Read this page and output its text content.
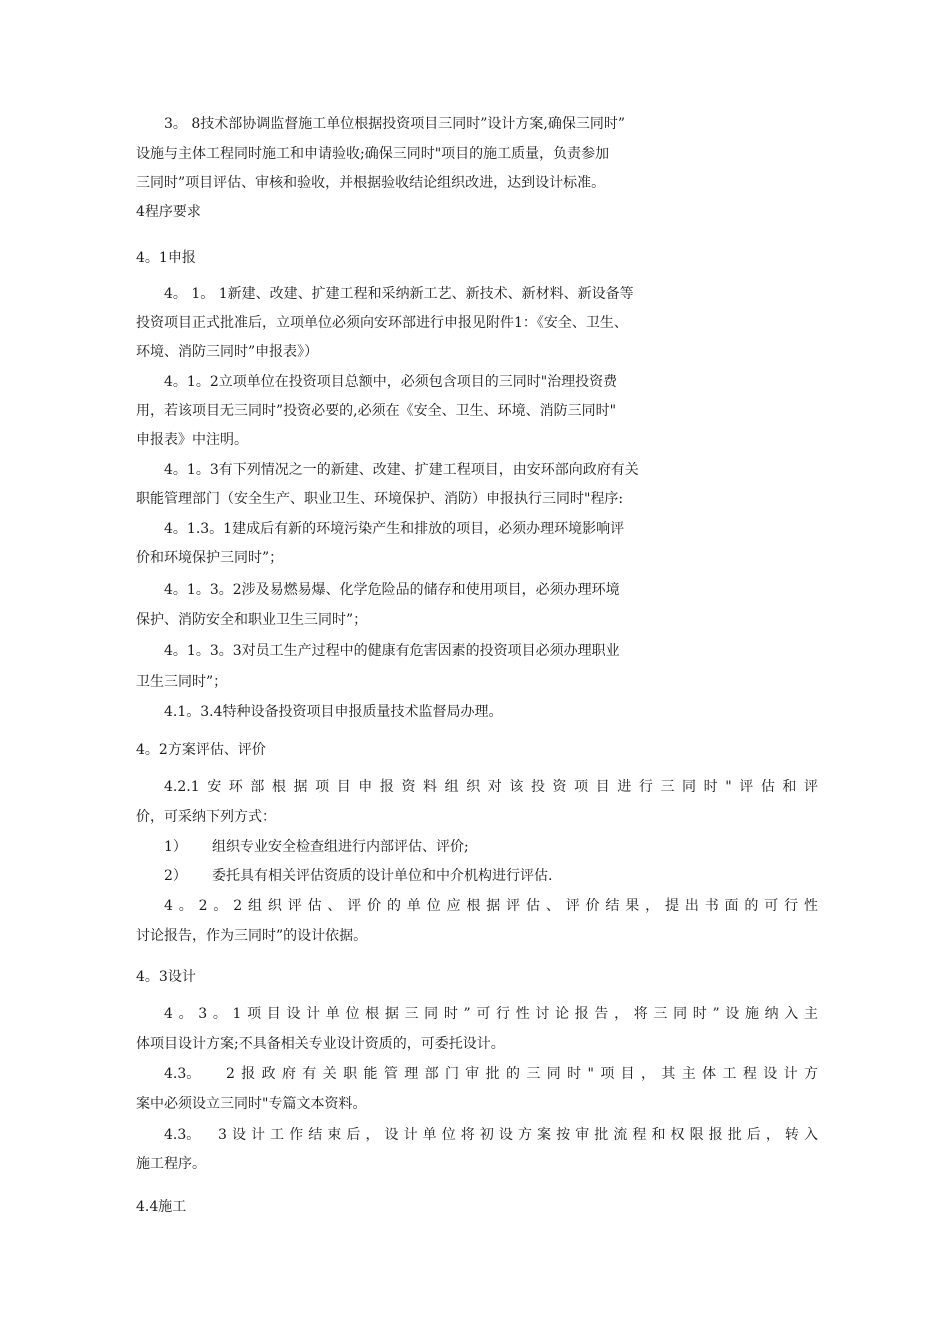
3。 8技术部协调监督施工单位根据投资项目三同时”设计方案,确保三同时”
设施与主体工程同时施工和申请验收;确保三同时"项目的施工质量，负责参加
三同时”项目评估、审核和验收，并根据验收结论组织改进，达到设计标准。
4程序要求
4。1申报
4。 1。 1新建、改建、扩建工程和采纳新工艺、新技术、新材料、新设备等
投资项目正式批准后，立项单位必须向安环部进行申报见附件1：《安全、卫生、
环境、消防三同时”申报表》）
4。1。2立项单位在投资项目总额中，必须包含项目的三同时"治理投资费
用，若该项目无三同时”投资必要的,必须在《安全、卫生、环境、消防三同时"
申报表》中注明。
4。1。3有下列情况之一的新建、改建、扩建工程项目，由安环部向政府有关
职能管理部门（安全生产、职业卫生、环境保护、消防）申报执行三同时"程序:
4。1.3。1建成后有新的环境污染产生和排放的项目，必须办理环境影响评
价和环境保护三同时”；
4。1。3。2涉及易燃易爆、化学危险品的储存和使用项目，必须办理环境
保护、消防安全和职业卫生三同时”；
4。1。3。3对员工生产过程中的健康有危害因素的投资项目必须办理职业
卫生三同时”；
4.1。3.4特种设备投资项目申报质量技术监督局办理。
4。2方案评估、评价
4.2.1安环部根据项目申报资料组织对该投资项目进行三同时"评估和评
价，可采纳下列方式：
1） 组织专业安全检查组进行内部评估、评价;
2） 委托具有相关评估资质的设计单位和中介机构进行评估.
4。2。2组织评估、评价的单位应根据评估、评价结果，提出书面的可行性
讨论报告，作为三同时”的设计依据。
4。3设计
4。3。1项目设计单位根据三同时”可行性讨论报告，将三同时”设施纳入主
体项目设计方案;不具备相关专业设计资质的，可委托设计。
4.3。 2报政府有关职能管理部门审批的三同时"项目，其主体工程设计方
案中必须设立三同时"专篇文本资料。
4.3。 3设计工作结束后，设计单位将初设方案按审批流程和权限报批后，转入
施工程序。
4.4施工
